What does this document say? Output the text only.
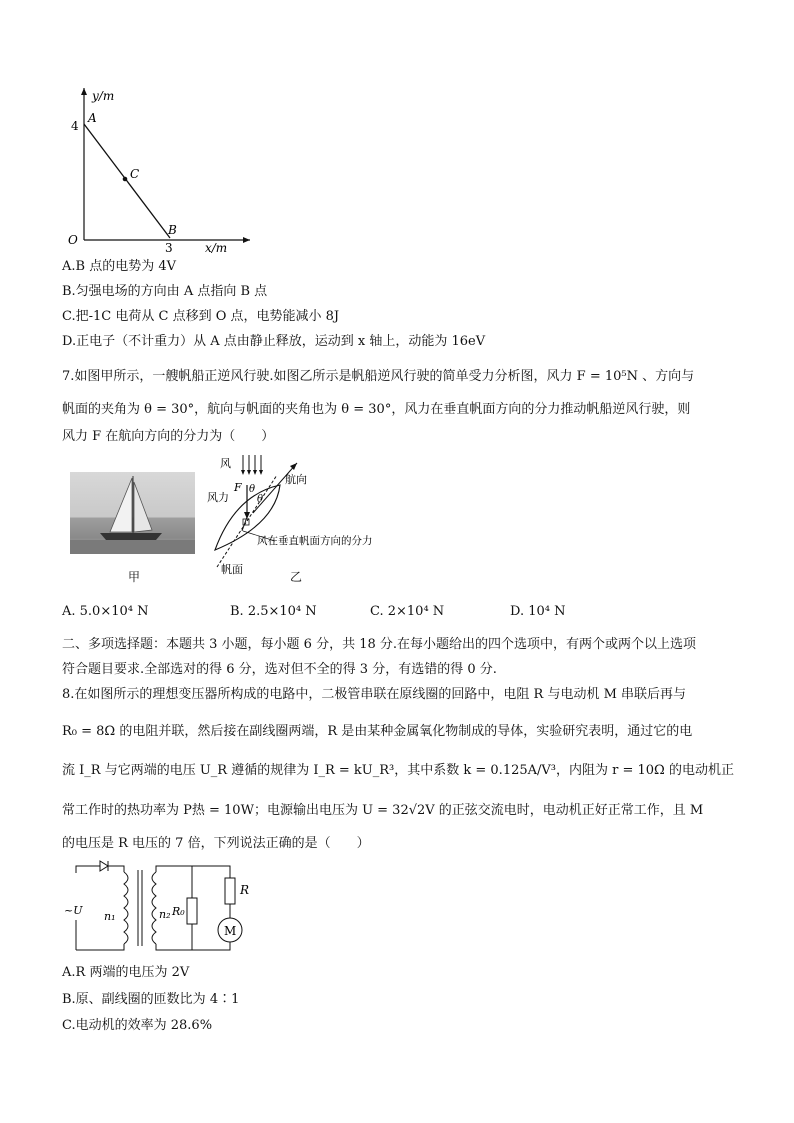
y/m
x/m
O
4
3
A
B
C
A.B 点的电势为 4V
B.匀强电场的方向由 A 点指向 B 点
C.把-1C 电荷从 C 点移到 O 点，电势能减小 8J
D.正电子（不计重力）从 A 点由静止释放，运动到 x 轴上，动能为 16eV
7.如图甲所示，一艘帆船正逆风行驶.如图乙所示是帆船逆风行驶的简单受力分析图，风力 F = 10⁵N 、方向与
帆面的夹角为 θ = 30°，航向与帆面的夹角也为 θ = 30°，风力在垂直帆面方向的分力推动帆船逆风行驶，则
风力 F 在航向方向的分力为（　　）
甲
风
航向
F θ
θ
风力
风在垂直帆面方向的分力
帆面
乙
A. 5.0×10⁴ N	B. 2.5×10⁴ N	C. 2×10⁴ N	D. 10⁴ N
二、多项选择题：本题共 3 小题，每小题 6 分，共 18 分.在每小题给出的四个选项中，有两个或两个以上选项
符合题目要求.全部选对的得 6 分，选对但不全的得 3 分，有选错的得 0 分.
8.在如图所示的理想变压器所构成的电路中，二极管串联在原线圈的回路中，电阻 R 与电动机 M 串联后再与
R₀ = 8Ω 的电阻并联，然后接在副线圈两端，R 是由某种金属氧化物制成的导体，实验研究表明，通过它的电
流 I_R 与它两端的电压 U_R 遵循的规律为 I_R = kU_R³，其中系数 k = 0.125A/V³，内阻为 r = 10Ω 的电动机正
常工作时的热功率为 P热 = 10W；电源输出电压为 U = 32√2V 的正弦交流电时，电动机正好正常工作，且 M
的电压是 R 电压的 7 倍，下列说法正确的是（　　）
~U n₁	n₂ R₀
R
M
A.R 两端的电压为 2V
B.原、副线圈的匝数比为 4∶1
C.电动机的效率为 28.6%
